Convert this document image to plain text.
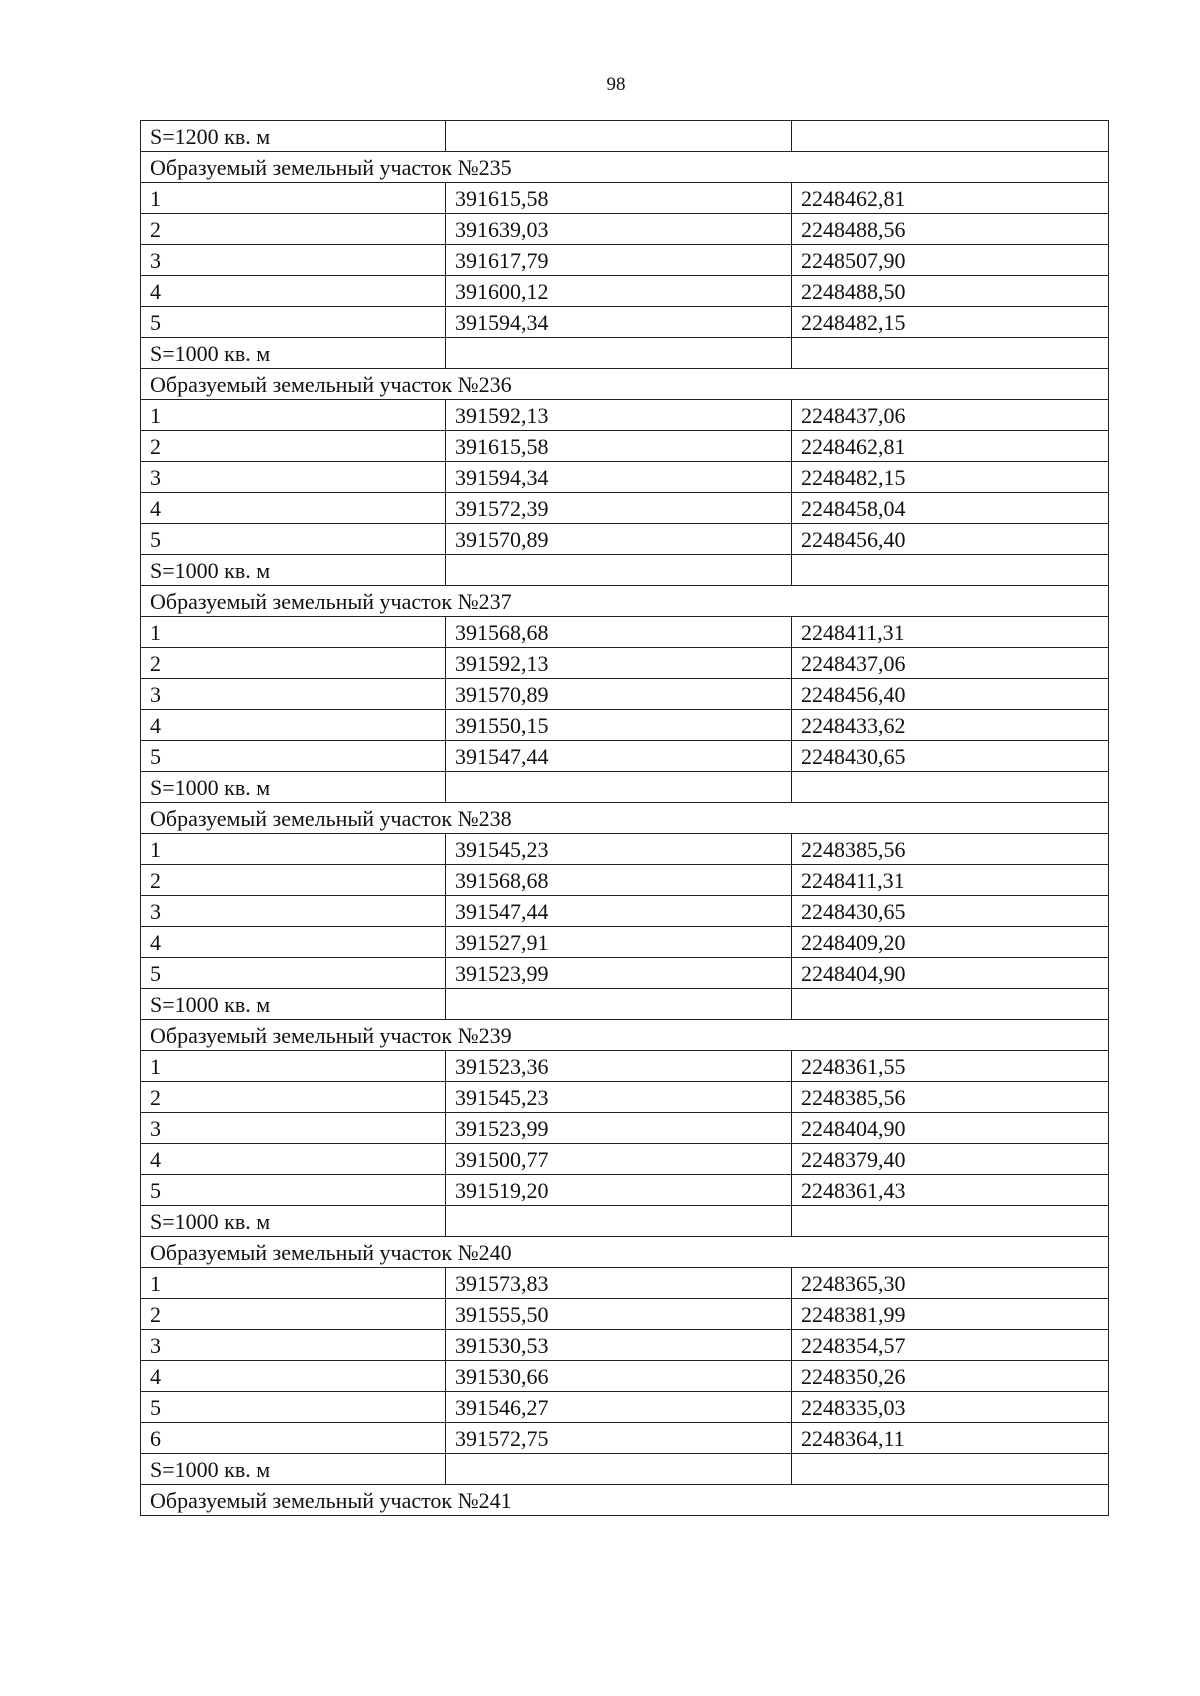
98
S=1200 кв. м		
Образуемый земельный участок №235		
1	391615,58	2248462,81
2	391639,03	2248488,56
3	391617,79	2248507,90
4	391600,12	2248488,50
5	391594,34	2248482,15
S=1000 кв. м		
Образуемый земельный участок №236		
1	391592,13	2248437,06
2	391615,58	2248462,81
3	391594,34	2248482,15
4	391572,39	2248458,04
5	391570,89	2248456,40
S=1000 кв. м		
Образуемый земельный участок №237		
1	391568,68	2248411,31
2	391592,13	2248437,06
3	391570,89	2248456,40
4	391550,15	2248433,62
5	391547,44	2248430,65
S=1000 кв. м		
Образуемый земельный участок №238		
1	391545,23	2248385,56
2	391568,68	2248411,31
3	391547,44	2248430,65
4	391527,91	2248409,20
5	391523,99	2248404,90
S=1000 кв. м		
Образуемый земельный участок №239		
1	391523,36	2248361,55
2	391545,23	2248385,56
3	391523,99	2248404,90
4	391500,77	2248379,40
5	391519,20	2248361,43
S=1000 кв. м		
Образуемый земельный участок №240		
1	391573,83	2248365,30
2	391555,50	2248381,99
3	391530,53	2248354,57
4	391530,66	2248350,26
5	391546,27	2248335,03
6	391572,75	2248364,11
S=1000 кв. м		
Образуемый земельный участок №241		
